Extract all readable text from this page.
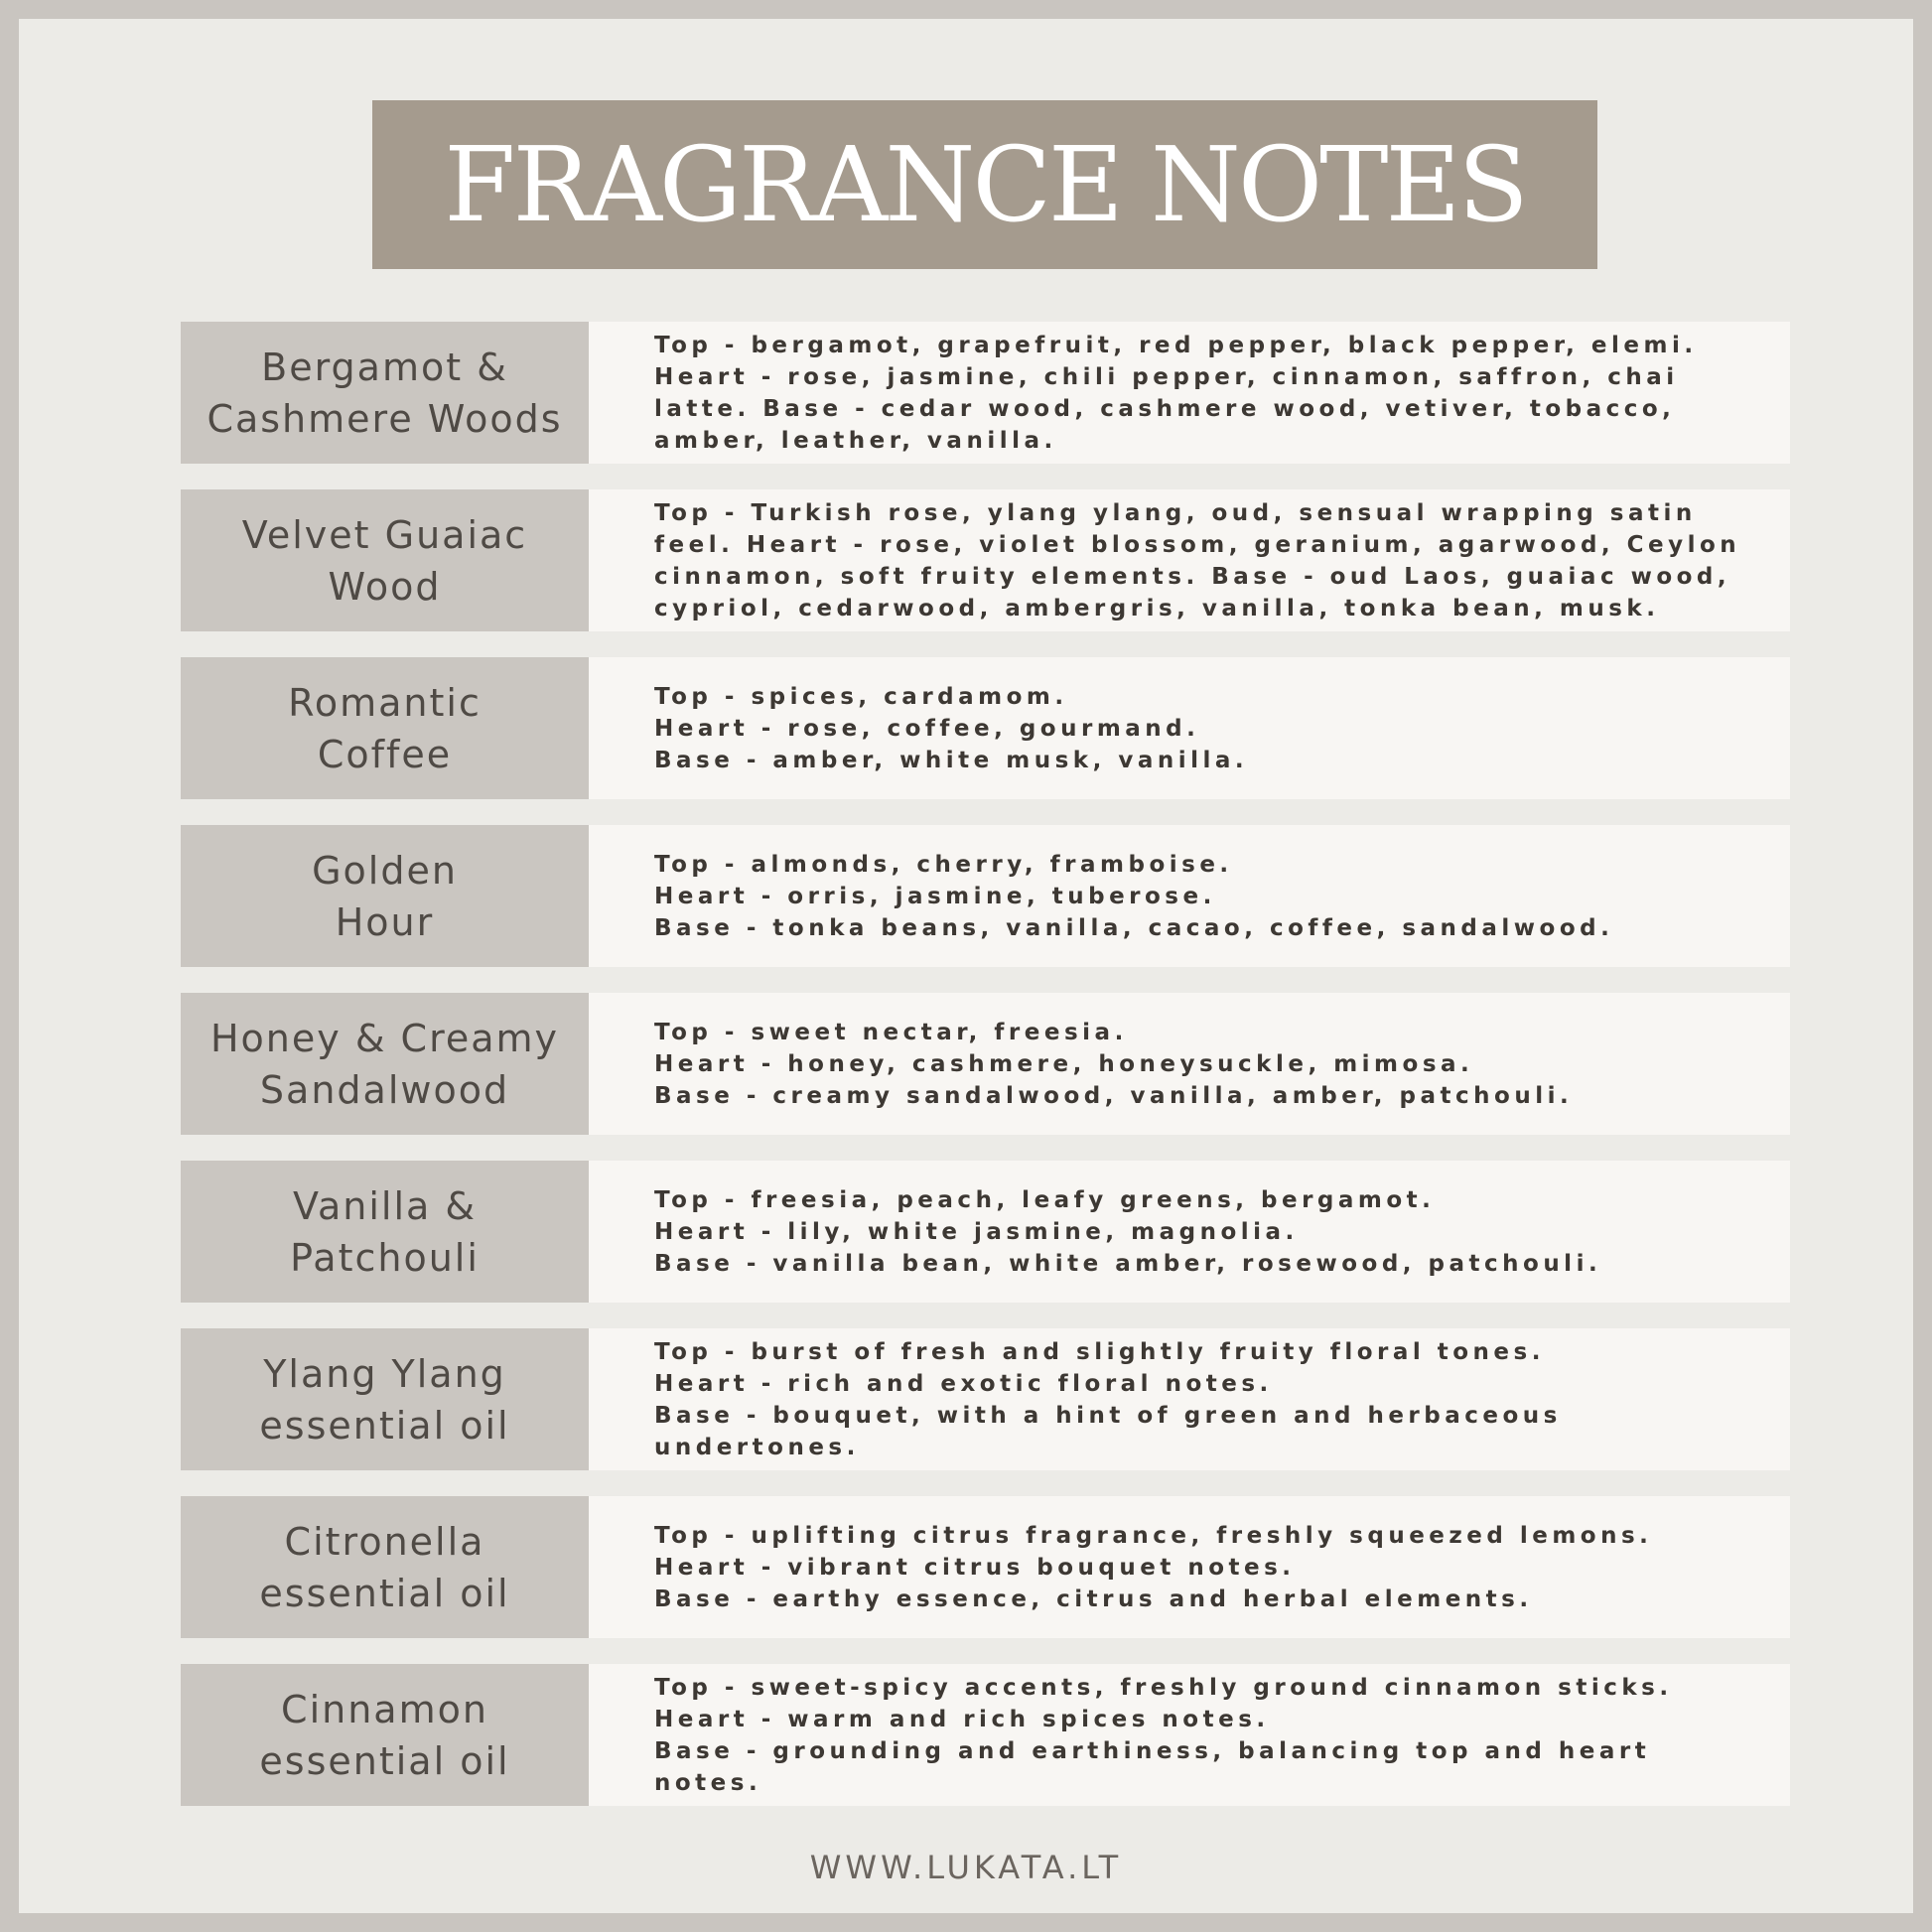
FRAGRANCE NOTES
Bergamot &
Cashmere Woods
Top - bergamot, grapefruit, red pepper, black pepper, elemi.
Heart - rose, jasmine, chili pepper, cinnamon, saffron, chai
latte. Base - cedar wood, cashmere wood, vetiver, tobacco,
amber, leather, vanilla.
Velvet Guaiac
Wood
Top - Turkish rose, ylang ylang, oud, sensual wrapping satin
feel. Heart - rose, violet blossom, geranium, agarwood, Ceylon
cinnamon, soft fruity elements. Base - oud Laos, guaiac wood,
cypriol, cedarwood, ambergris, vanilla, tonka bean, musk.
Romantic
Coffee
Top - spices, cardamom.
Heart - rose, coffee, gourmand.
Base - amber, white musk, vanilla.
Golden
Hour
Top - almonds, cherry, framboise.
Heart - orris, jasmine, tuberose.
Base - tonka beans, vanilla, cacao, coffee, sandalwood.
Honey & Creamy
Sandalwood
Top - sweet nectar, freesia.
Heart - honey, cashmere, honeysuckle, mimosa.
Base - creamy sandalwood, vanilla, amber, patchouli.
Vanilla &
Patchouli
Top - freesia, peach, leafy greens, bergamot.
Heart - lily, white jasmine, magnolia.
Base - vanilla bean, white amber, rosewood, patchouli.
Ylang Ylang
essential oil
Top - burst of fresh and slightly fruity floral tones.
Heart - rich and exotic floral notes.
Base - bouquet, with a hint of green and herbaceous
undertones.
Citronella
essential oil
Top - uplifting citrus fragrance, freshly squeezed lemons.
Heart - vibrant citrus bouquet notes.
Base - earthy essence, citrus and herbal elements.
Cinnamon
essential oil
Top - sweet-spicy accents, freshly ground cinnamon sticks.
Heart - warm and rich spices notes.
Base - grounding and earthiness, balancing top and heart
notes.
WWW.LUKATA.LT
